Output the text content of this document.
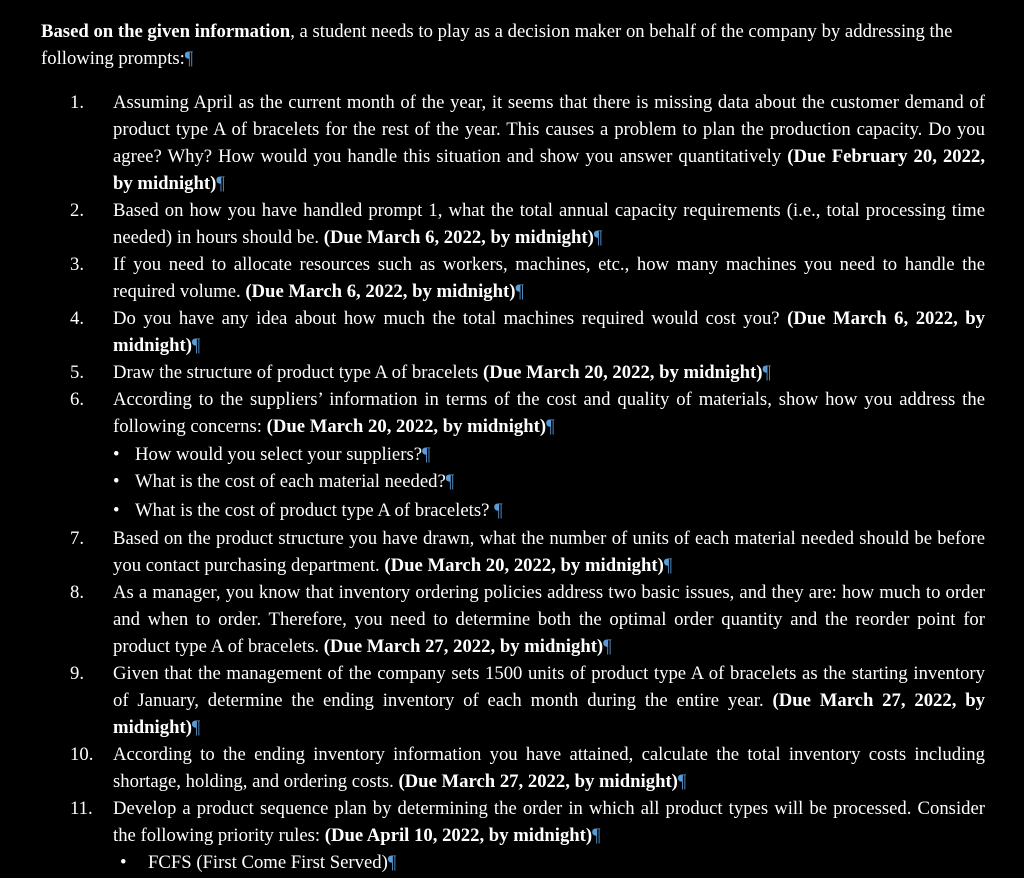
Based on the given information, a student needs to play as a decision maker on behalf of the company by addressing the following prompts:¶
1.	Assuming April as the current month of the year, it seems that there is missing data about the customer demand of product type A of bracelets for the rest of the year. This causes a problem to plan the production capacity. Do you agree? Why? How would you handle this situation and show you answer quantitatively (Due February 20, 2022, by midnight)¶
2.	Based on how you have handled prompt 1, what the total annual capacity requirements (i.e., total processing time needed) in hours should be. (Due March 6, 2022, by midnight)¶
3.	If you need to allocate resources such as workers, machines, etc., how many machines you need to handle the required volume. (Due March 6, 2022, by midnight)¶
4.	Do you have any idea about how much the total machines required would cost you? (Due March 6, 2022, by midnight)¶
5.	Draw the structure of product type A of bracelets (Due March 20, 2022, by midnight)¶
6.	According to the suppliers’ information in terms of the cost and quality of materials, show how you address the following concerns: (Due March 20, 2022, by midnight)¶
• How would you select your suppliers?¶
• What is the cost of each material needed?¶
• What is the cost of product type A of bracelets? ¶
7.	Based on the product structure you have drawn, what the number of units of each material needed should be before you contact purchasing department. (Due March 20, 2022, by midnight)¶
8.	As a manager, you know that inventory ordering policies address two basic issues, and they are: how much to order and when to order. Therefore, you need to determine both the optimal order quantity and the reorder point for product type A of bracelets. (Due March 27, 2022, by midnight)¶
9.	Given that the management of the company sets 1500 units of product type A of bracelets as the starting inventory of January, determine the ending inventory of each month during the entire year. (Due March 27, 2022, by midnight)¶
10.	According to the ending inventory information you have attained, calculate the total inventory costs including shortage, holding, and ordering costs. (Due March 27, 2022, by midnight)¶
11.	Develop a product sequence plan by determining the order in which all product types will be processed. Consider the following priority rules: (Due April 10, 2022, by midnight)¶
• FCFS (First Come First Served)¶
